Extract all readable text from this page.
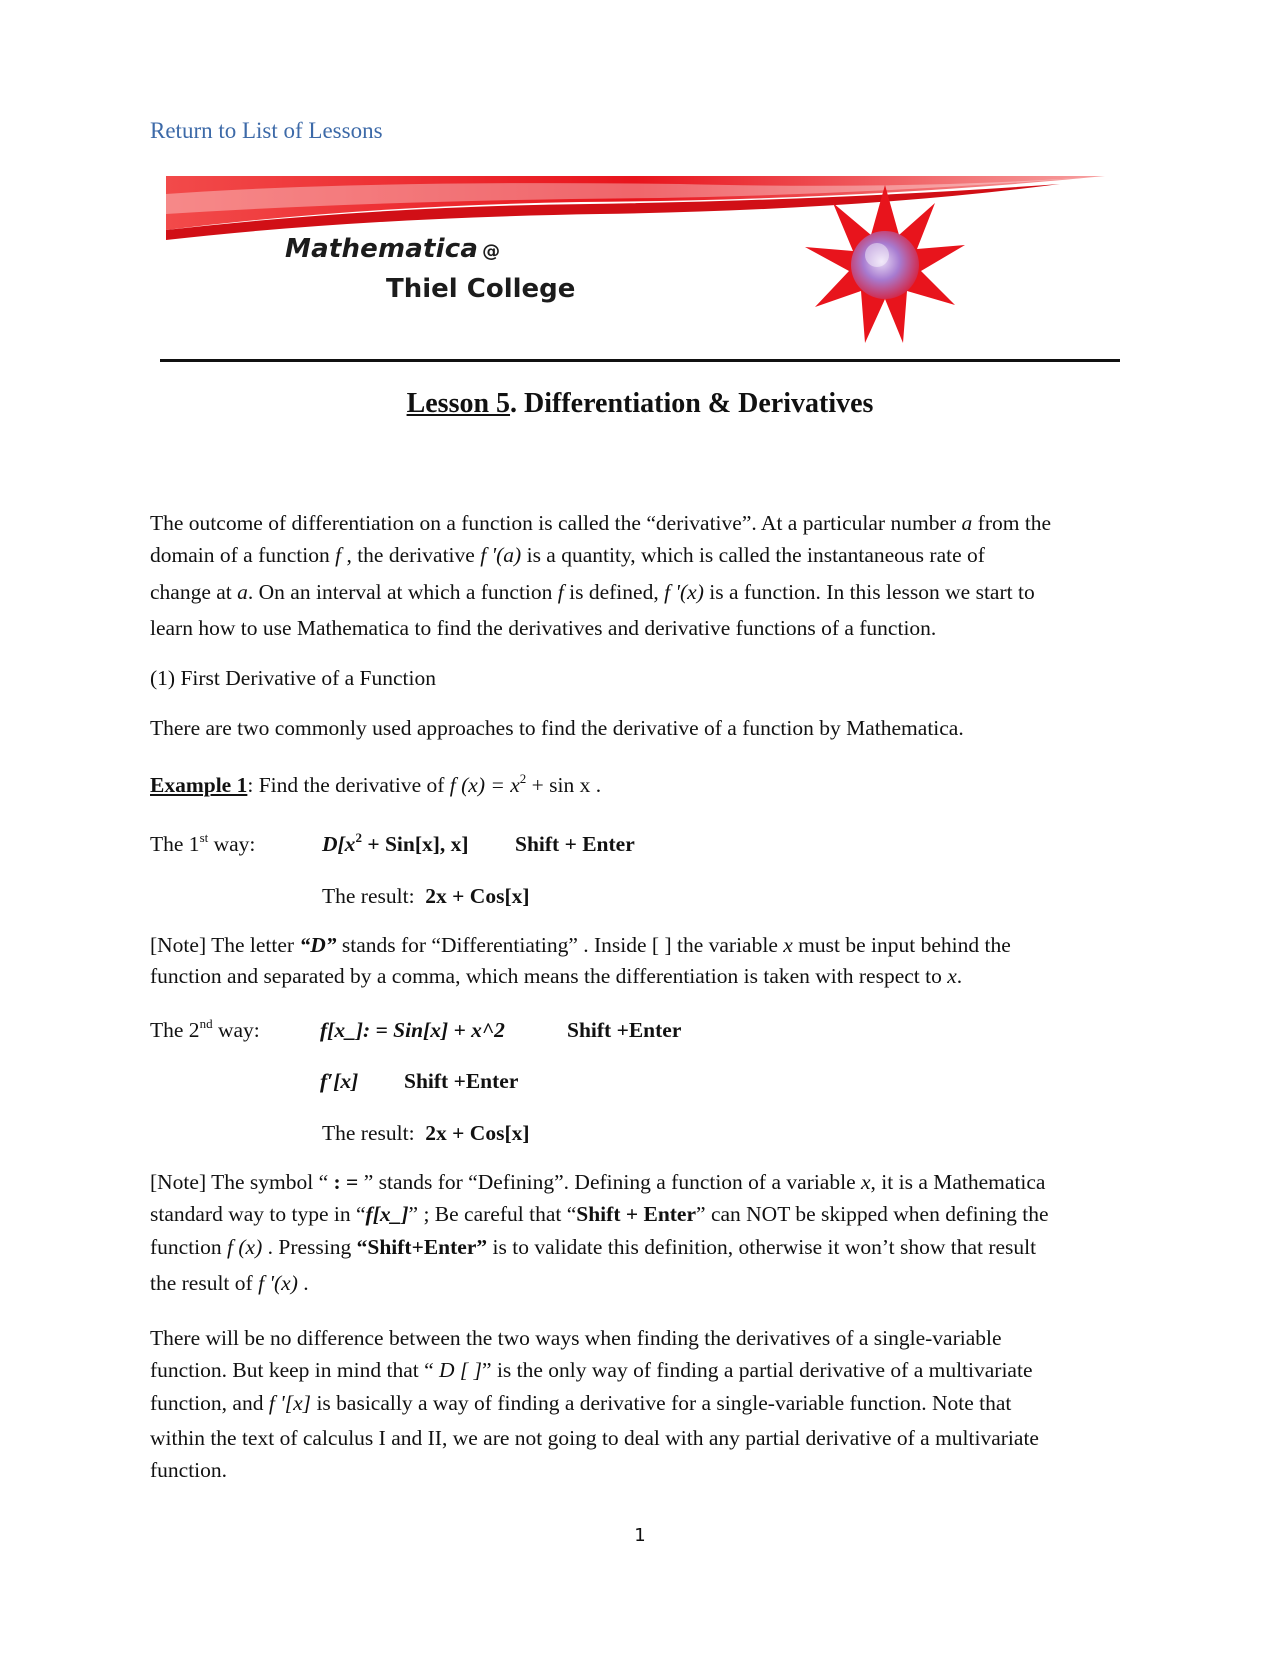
Return to List of Lessons
Mathematica @
Thiel College
Lesson 5. Differentiation & Derivatives
The outcome of differentiation on a function is called the “derivative”. At a particular number a from the
domain of a function f , the derivative f '(a) is a quantity, which is called the instantaneous rate of
change at a. On an interval at which a function f is defined, f '(x) is a function. In this lesson we start to
learn how to use Mathematica to find the derivatives and derivative functions of a function.
(1) First Derivative of a Function
There are two commonly used approaches to find the derivative of a function by Mathematica.
Example 1: Find the derivative of f $(x) = x^2 + \sin x$ .
The 1st way:	$D[x^2 + Sin[x]$, x] Shift + Enter
The result: 2x + Cos[x]
[Note] The letter “D” stands for “Differentiating” . Inside [ ] the variable x must be input behind the
function and separated by a comma, which means the differentiation is taken with respect to x.
The 2nd way:	f[x_]: = Sin[x] + x^2	Shift +Enter
f′[x] Shift +Enter
The result: 2x + Cos[x]
[Note] The symbol “ : = ” stands for “Defining”. Defining a function of a variable x, it is a Mathematica
standard way to type in “f[x_]” ; Be careful that “Shift + Enter” can NOT be skipped when defining the
function f (x) . Pressing “Shift+Enter” is to validate this definition, otherwise it won’t show that result
the result of f '(x) .
There will be no difference between the two ways when finding the derivatives of a single-variable
function. But keep in mind that “ D [ ]” is the only way of finding a partial derivative of a multivariate
function, and f '[x] is basically a way of finding a derivative for a single-variable function. Note that
within the text of calculus I and II, we are not going to deal with any partial derivative of a multivariate
function.
1
